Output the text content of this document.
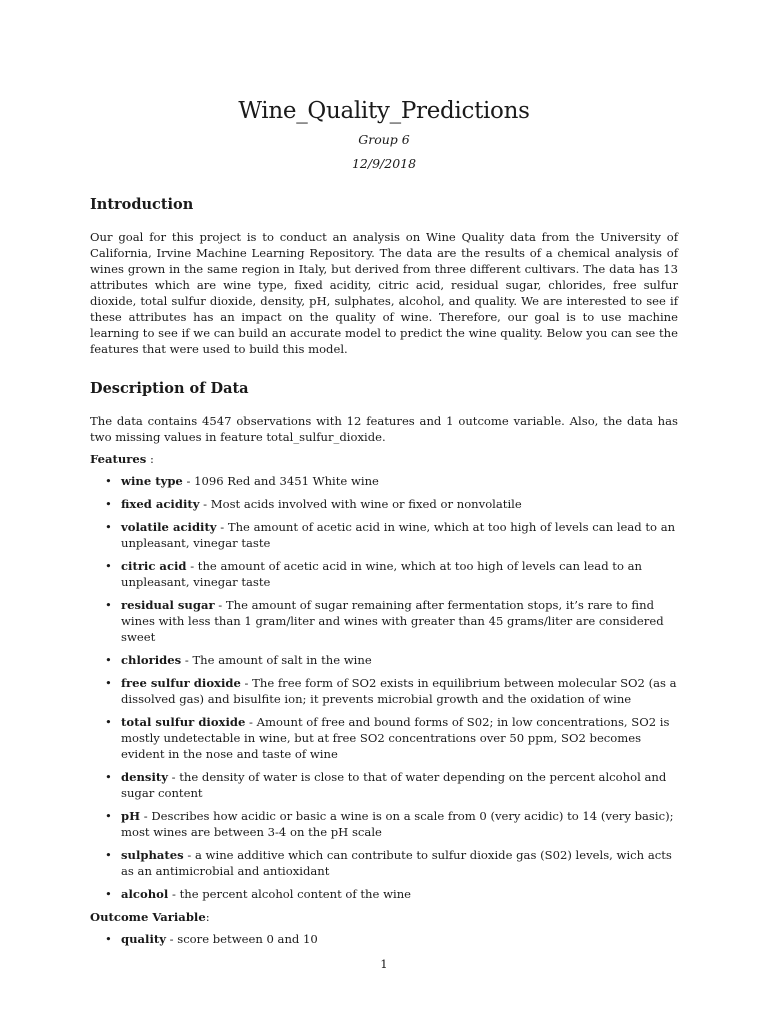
Wine_Quality_Predictions
Group 6
12/9/2018
Introduction

Our goal for this project is to conduct an analysis on Wine Quality data from the University of California, Irvine Machine Learning Repository. The data are the results of a chemical analysis of wines grown in the same region in Italy, but derived from three different cultivars. The data has 13 attributes which are wine type, fixed acidity, citric acid, residual sugar, chlorides, free sulfur dioxide, total sulfur dioxide, density, pH, sulphates, alcohol, and quality. We are interested to see if these attributes has an impact on the quality of wine. Therefore, our goal is to use machine learning to see if we can build an accurate model to predict the wine quality. Below you can see the features that were used to build this model.

Description of Data

The data contains 4547 observations with 12 features and 1 outcome variable. Also, the data has two missing values in feature total_sulfur_dioxide.

Features :
• wine type - 1096 Red and 3451 White wine
• fixed acidity - Most acids involved with wine or fixed or nonvolatile
• volatile acidity - The amount of acetic acid in wine, which at too high of levels can lead to an unpleasant, vinegar taste
• citric acid - the amount of acetic acid in wine, which at too high of levels can lead to an unpleasant, vinegar taste
• residual sugar - The amount of sugar remaining after fermentation stops, it’s rare to find wines with less than 1 gram/liter and wines with greater than 45 grams/liter are considered sweet
• chlorides - The amount of salt in the wine
• free sulfur dioxide - The free form of SO2 exists in equilibrium between molecular SO2 (as a dissolved gas) and bisulfite ion; it prevents microbial growth and the oxidation of wine
• total sulfur dioxide - Amount of free and bound forms of S02; in low concentrations, SO2 is mostly undetectable in wine, but at free SO2 concentrations over 50 ppm, SO2 becomes evident in the nose and taste of wine
• density - the density of water is close to that of water depending on the percent alcohol and sugar content
• pH - Describes how acidic or basic a wine is on a scale from 0 (very acidic) to 14 (very basic); most wines are between 3-4 on the pH scale
• sulphates - a wine additive which can contribute to sulfur dioxide gas (S02) levels, wich acts as an antimicrobial and antioxidant
• alcohol - the percent alcohol content of the wine
Outcome Variable:
• quality - score between 0 and 10
1
